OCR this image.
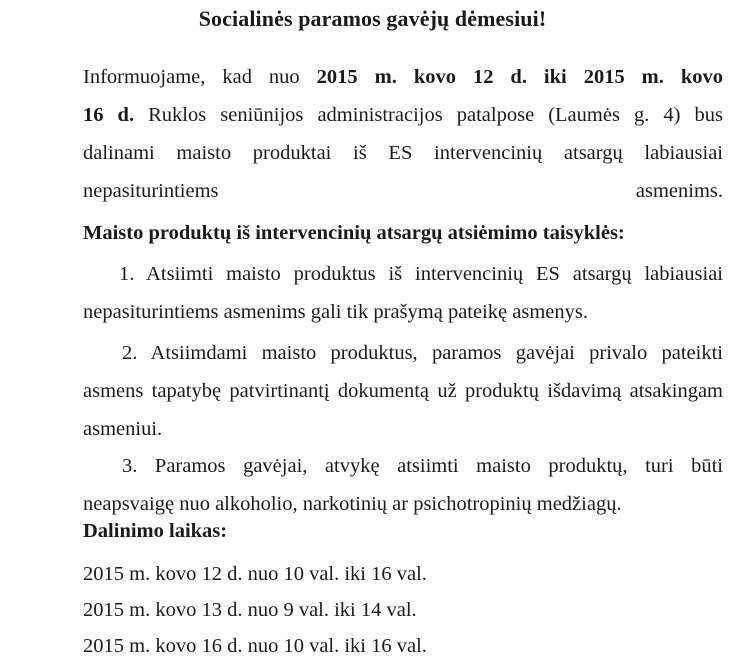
Socialinės paramos gavėjų dėmesiui!
Informuojame, kad nuo 2015 m. kovo 12 d. iki 2015 m. kovo
16 d. Ruklos seniūnijos administracijos patalpose (Laumės g. 4) bus
dalinami maisto produktai iš ES intervencinių atsargų labiausiai
nepasiturintiems asmenims.
Maisto produktų iš intervencinių atsargų atsiėmimo taisyklės:
1. Atsiimti maisto produktus iš intervencinių ES atsargų labiausiai
nepasiturintiems asmenims gali tik prašymą pateikę asmenys.
2. Atsiimdami maisto produktus, paramos gavėjai privalo pateikti
asmens tapatybę patvirtinantį dokumentą už produktų išdavimą atsakingam
asmeniui.
3. Paramos gavėjai, atvykę atsiimti maisto produktų, turi būti
neapsvaigę nuo alkoholio, narkotinių ar psichotropinių medžiagų.
Dalinimo laikas:
2015 m. kovo 12 d. nuo 10 val. iki 16 val.
2015 m. kovo 13 d. nuo 9 val. iki 14 val.
2015 m. kovo 16 d. nuo 10 val. iki 16 val.
